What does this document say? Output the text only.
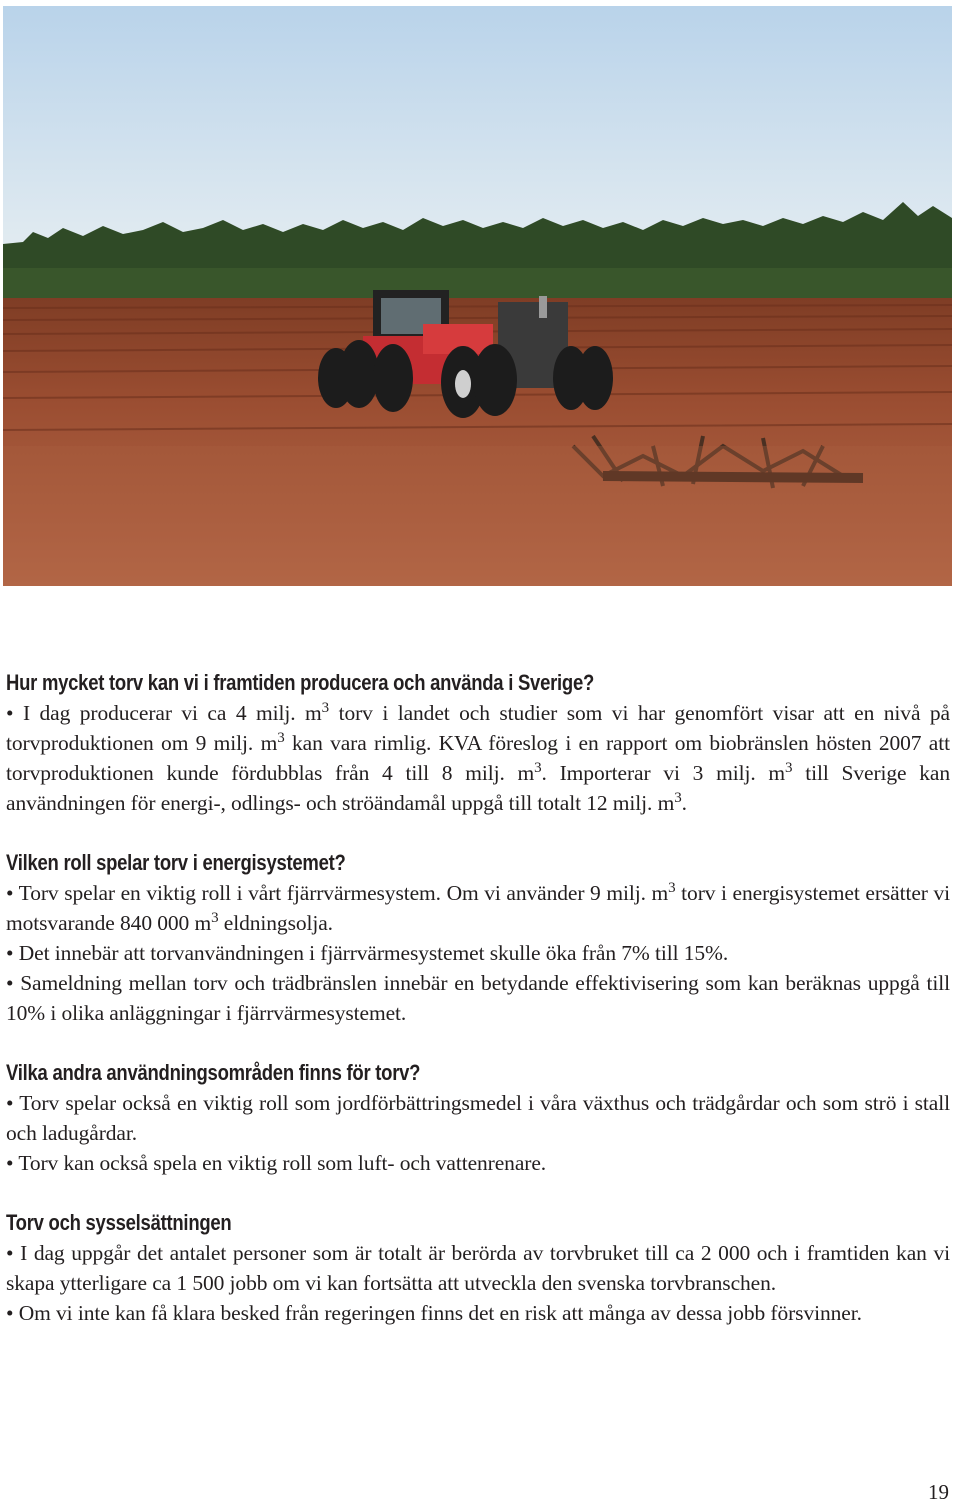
Hur mycket torv kan vi i framtiden producera och använda i Sverige?

• I dag producerar vi ca 4 milj. $m^3$ torv i landet och studier som vi har genomfört visar att en nivå på torvproduktionen om 9 milj. $m^3$ kan vara rimlig. KVA föreslog i en rapport om biobränslen hösten 2007 att torvproduktionen kunde fördubblas från 4 till 8 milj. $m^3$. Importerar vi 3 milj. $m^3$ till Sverige kan användningen för energi-, odlings- och ströändamål uppgå till totalt 12 milj. $m^3$.

Vilken roll spelar torv i energisystemet?

• Torv spelar en viktig roll i vårt fjärrvärmesystem. Om vi använder 9 milj. $m^3$ torv i energisystemet ersätter vi motsvarande 840 000 $m^3$ eldningsolja.

• Det innebär att torvanvändningen i fjärrvärmesystemet skulle öka från 7% till 15%.

• Sameldning mellan torv och trädbränslen innebär en betydande effektivisering som kan beräknas uppgå till 10% i olika anläggningar i fjärrvärmesystemet.

Vilka andra användningsområden finns för torv?

• Torv spelar också en viktig roll som jordförbättringsmedel i våra växthus och trädgårdar och som strö i stall och ladugårdar.

• Torv kan också spela en viktig roll som luft- och vattenrenare.

Torv och sysselsättningen

• I dag uppgår det antalet personer som är totalt är berörda av torvbruket till ca 2 000 och i framtiden kan vi skapa ytterligare ca 1 500 jobb om vi kan fortsätta att utveckla den svenska torvbranschen.

• Om vi inte kan få klara besked från regeringen finns det en risk att många av dessa jobb försvinner.

19
